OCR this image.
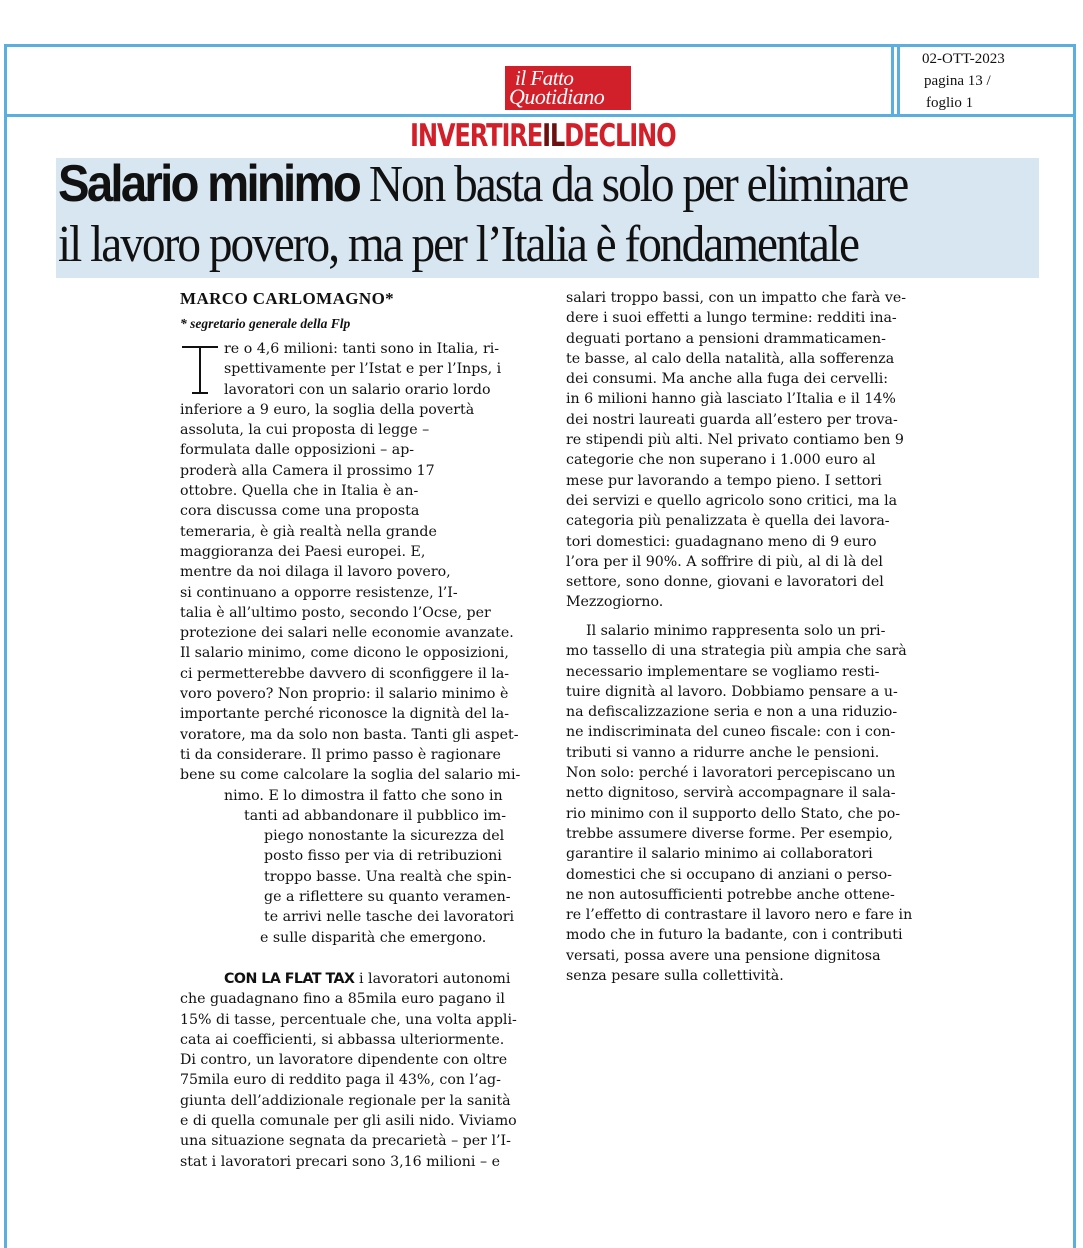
02-OTT-2023
pagina 13 /
foglio 1
il Fatto
Quotidiano
INVERTIREILDECLINO
Salario minimo Non basta da solo per eliminare
il lavoro povero, ma per l’Italia è fondamentale
MARCO CARLOMAGNO*
* segretario generale della Flp
re o 4,6 milioni: tanti sono in Italia, ri-
spettivamente per l’Istat e per l’Inps, i
lavoratori con un salario orario lordo
inferiore a 9 euro, la soglia della povertà
assoluta, la cui proposta di legge –
formulata dalle opposizioni – ap-
proderà alla Camera il prossimo 17
ottobre. Quella che in Italia è an-
cora discussa come una proposta
temeraria, è già realtà nella grande
maggioranza dei Paesi europei. E,
mentre da noi dilaga il lavoro povero,
si continuano a opporre resistenze, l’I-
talia è all’ultimo posto, secondo l’Ocse, per
protezione dei salari nelle economie avanzate.
Il salario minimo, come dicono le opposizioni,
ci permetterebbe davvero di sconfiggere il la-
voro povero? Non proprio: il salario minimo è
importante perché riconosce la dignità del la-
voratore, ma da solo non basta. Tanti gli aspet-
ti da considerare. Il primo passo è ragionare
bene su come calcolare la soglia del salario mi-
nimo. E lo dimostra il fatto che sono in
tanti ad abbandonare il pubblico im-
piego nonostante la sicurezza del
posto fisso per via di retribuzioni
troppo basse. Una realtà che spin-
ge a riflettere su quanto veramen-
te arrivi nelle tasche dei lavoratori
e sulle disparità che emergono.
CON LA FLAT TAX i lavoratori autonomi
che guadagnano fino a 85mila euro pagano il
15% di tasse, percentuale che, una volta appli-
cata ai coefficienti, si abbassa ulteriormente.
Di contro, un lavoratore dipendente con oltre
75mila euro di reddito paga il 43%, con l’ag-
giunta dell’addizionale regionale per la sanità
e di quella comunale per gli asili nido. Viviamo
una situazione segnata da precarietà – per l’I-
stat i lavoratori precari sono 3,16 milioni – e
salari troppo bassi, con un impatto che farà ve-
dere i suoi effetti a lungo termine: redditi ina-
deguati portano a pensioni drammaticamen-
te basse, al calo della natalità, alla sofferenza
dei consumi. Ma anche alla fuga dei cervelli:
in 6 milioni hanno già lasciato l’Italia e il 14%
dei nostri laureati guarda all’estero per trova-
re stipendi più alti. Nel privato contiamo ben 9
categorie che non superano i 1.000 euro al
mese pur lavorando a tempo pieno. I settori
dei servizi e quello agricolo sono critici, ma la
categoria più penalizzata è quella dei lavora-
tori domestici: guadagnano meno di 9 euro
l’ora per il 90%. A soffrire di più, al di là del
settore, sono donne, giovani e lavoratori del
Mezzogiorno.
Il salario minimo rappresenta solo un pri-
mo tassello di una strategia più ampia che sarà
necessario implementare se vogliamo resti-
tuire dignità al lavoro. Dobbiamo pensare a u-
na defiscalizzazione seria e non a una riduzio-
ne indiscriminata del cuneo fiscale: con i con-
tributi si vanno a ridurre anche le pensioni.
Non solo: perché i lavoratori percepiscano un
netto dignitoso, servirà accompagnare il sala-
rio minimo con il supporto dello Stato, che po-
trebbe assumere diverse forme. Per esempio,
garantire il salario minimo ai collaboratori
domestici che si occupano di anziani o perso-
ne non autosufficienti potrebbe anche ottene-
re l’effetto di contrastare il lavoro nero e fare in
modo che in futuro la badante, con i contributi
versati, possa avere una pensione dignitosa
senza pesare sulla collettività.
